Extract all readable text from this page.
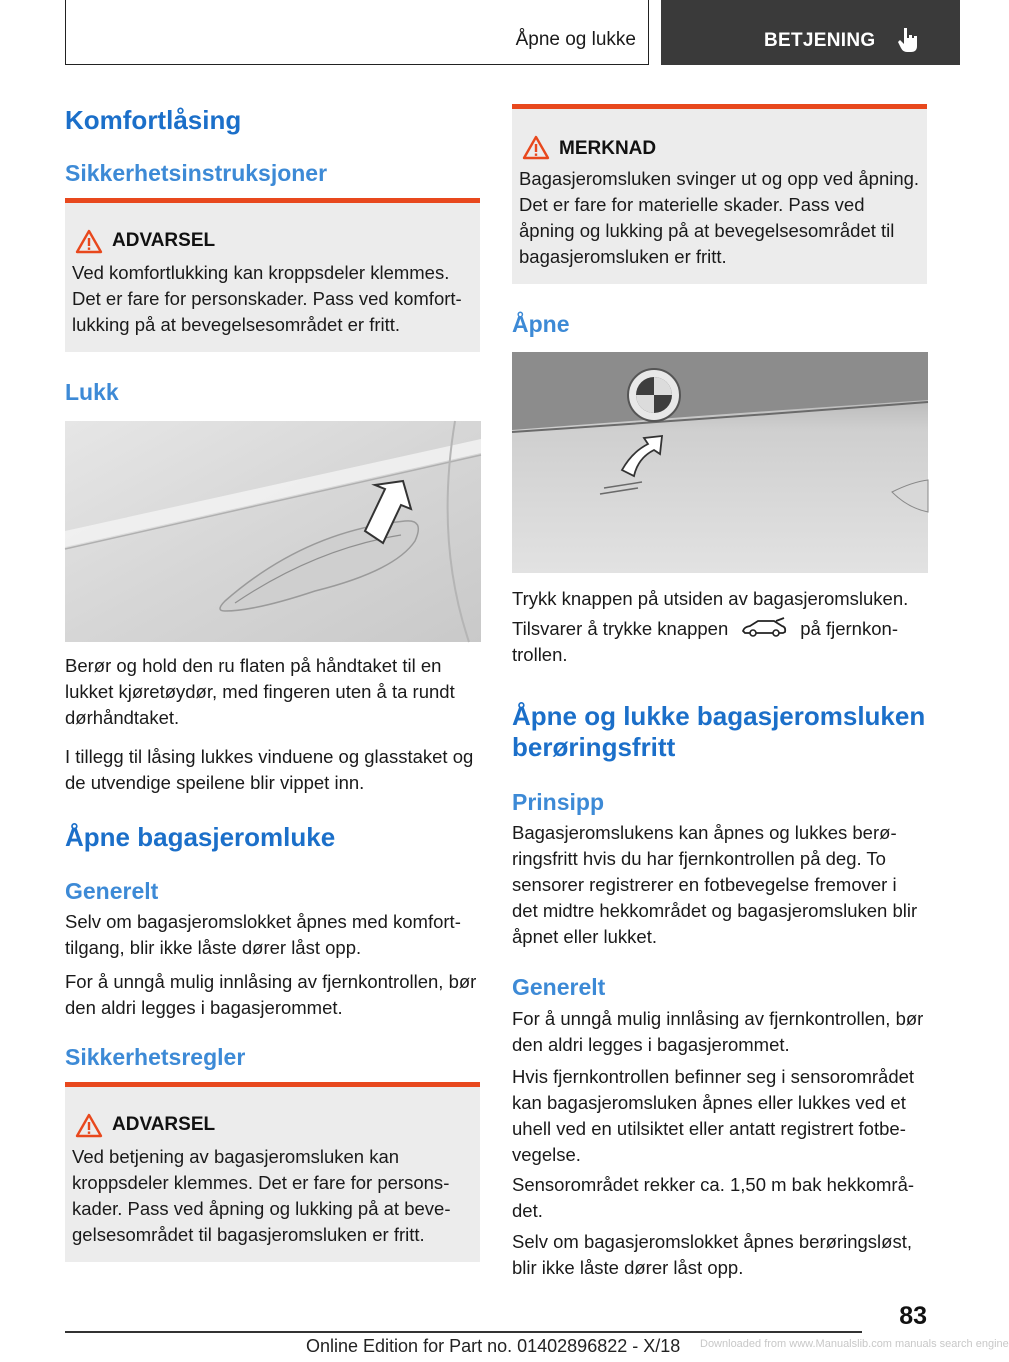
Åpne og lukke	BETJENING
Komfortlåsing
Sikkerhetsinstruksjoner
ADVARSEL
Ved komfortlukking kan kroppsdeler klemmes. Det er fare for personskader. Pass ved komfortlukking på at bevegelsesområdet er fritt.
Lukk
Berør og hold den ru flaten på håndtaket til en lukket kjøretøydør, med fingeren uten å ta rundt dørhåndtaket.
I tillegg til låsing lukkes vinduene og glasstaket og de utvendige speilene blir vippet inn.
Åpne bagasjeromluke
Generelt
Selv om bagasjeromslokket åpnes med komforttilgang, blir ikke låste dører låst opp.
For å unngå mulig innlåsing av fjernkontrollen, bør den aldri legges i bagasjerommet.
Sikkerhetsregler
ADVARSEL
Ved betjening av bagasjeromsluken kan kroppsdeler klemmes. Det er fare for personskader. Pass ved åpning og lukking på at bevegelsesområdet til bagasjeromsluken er fritt.
MERKNAD
Bagasjeromsluken svinger ut og opp ved åpning. Det er fare for materielle skader. Pass ved åpning og lukking på at bevegelsesområdet til bagasjeromsluken er fritt.
Åpne
Trykk knappen på utsiden av bagasjeromsluken.
Tilsvarer å trykke knappen	på fjernkontrollen.
Åpne og lukke bagasjeromsluken berøringsfritt
Prinsipp
Bagasjeromslukens kan åpnes og lukkes berøringsfritt hvis du har fjernkontrollen på deg. To sensorer registrerer en fotbevegelse fremover i det midtre hekkområdet og bagasjeromsluken blir åpnet eller lukket.
Generelt
For å unngå mulig innlåsing av fjernkontrollen, bør den aldri legges i bagasjerommet.
Hvis fjernkontrollen befinner seg i sensorområdet kan bagasjeromsluken åpnes eller lukkes ved et uhell ved en utilsiktet eller antatt registrert fotbevegelse.
Sensorområdet rekker ca. 1,50 m bak hekkområdet.
Selv om bagasjeromslokket åpnes berøringsløst, blir ikke låste dører låst opp.
83
Online Edition for Part no. 01402896822 - X/18 Downloaded from www.Manualslib.com manuals search engine
